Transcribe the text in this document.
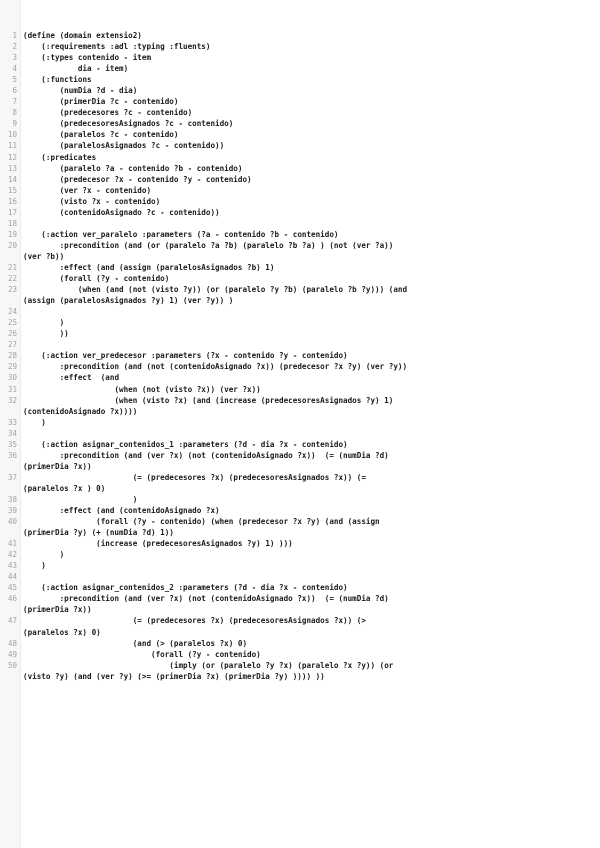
1 (define (domain extensio2)
2 (:requirements :adl :typing :fluents)
3 (:types contenido - item
4 dia - item)
5 (:functions
6 (numDia ?d - dia)
7 (primerDia ?c - contenido)
8 (predecesores ?c - contenido)
9 (predecesoresAsignados ?c - contenido)
10 (paralelos ?c - contenido)
11 (paralelosAsignados ?c - contenido))
12 (:predicates
13 (paralelo ?a - contenido ?b - contenido)
14 (predecesor ?x - contenido ?y - contenido)
15 (ver ?x - contenido)
16 (visto ?x - contenido)
17 (contenidoAsignado ?c - contenido))
18
19 (:action ver_paralelo :parameters (?a - contenido ?b - contenido)
20	:precondition (and (or (paralelo ?a ?b) (paralelo ?b ?a) ) (not (ver ?a))
(ver ?b))
21 :effect (and (assign (paralelosAsignados ?b) 1)
22 (forall (?y - contenido)
23	(when (and (not (visto ?y)) (or (paralelo ?y ?b) (paralelo ?b ?y))) (and
(assign (paralelosAsignados ?y) 1) (ver ?y)) )
24
25 )
26 ))
27
28 (:action ver_predecesor :parameters (?x - contenido ?y - contenido)
29 :precondition (and (not (contenidoAsignado ?x)) (predecesor ?x ?y) (ver ?y))
30 :effect  (and
31 (when (not (visto ?x)) (ver ?x))
32	(when (visto ?x) (and (increase (predecesoresAsignados ?y) 1)
(contenidoAsignado ?x))))
33 )
34
35 (:action asignar_contenidos_1 :parameters (?d - dia ?x - contenido)
36	:precondition (and (ver ?x) (not (contenidoAsignado ?x))  (= (numDia ?d)
(primerDia ?x))
37	(= (predecesores ?x) (predecesoresAsignados ?x)) (=
(paralelos ?x ) 0)
38 )
39 :effect (and (contenidoAsignado ?x)
40	(forall (?y - contenido) (when (predecesor ?x ?y) (and (assign
(primerDia ?y) (+ (numDia ?d) 1))
41 (increase (predecesoresAsignados ?y) 1) )))
42 )
43 )
44
45 (:action asignar_contenidos_2 :parameters (?d - dia ?x - contenido)
46	:precondition (and (ver ?x) (not (contenidoAsignado ?x))  (= (numDia ?d)
(primerDia ?x))
47	(= (predecesores ?x) (predecesoresAsignados ?x)) (>
(paralelos ?x) 0)
48 (and (> (paralelos ?x) 0)
49 (forall (?y - contenido)
50	(imply (or (paralelo ?y ?x) (paralelo ?x ?y)) (or
(visto ?y) (and (ver ?y) (>= (primerDia ?x) (primerDia ?y) )))) ))
